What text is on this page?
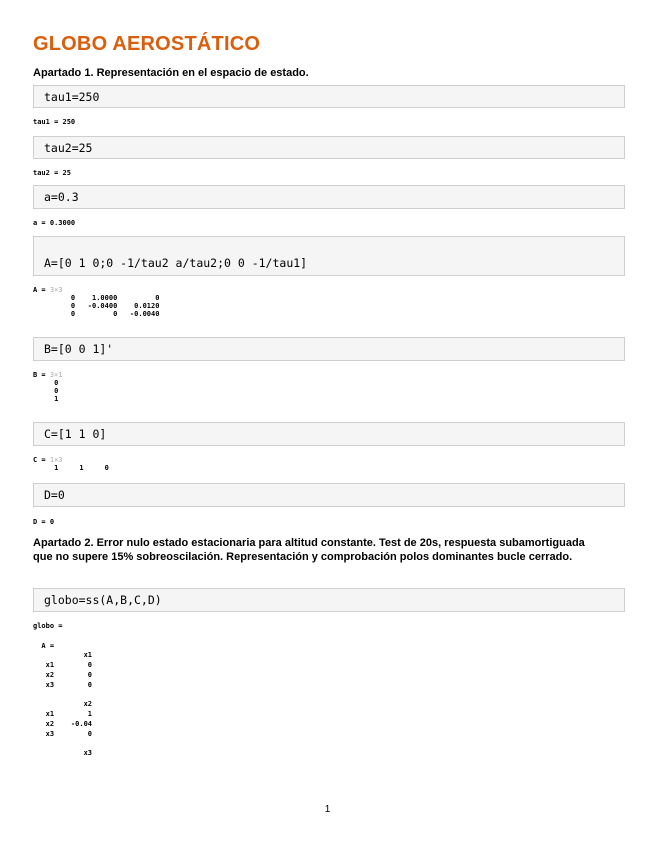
GLOBO AEROSTÁTICO
Apartado 1. Representación en el espacio de estado.
tau1=250
tau1 = 250
tau2=25
tau2 = 25
a=0.3
a = 0.3000
A=[0 1 0;0 -1/tau2 a/tau2;0 0 -1/tau1]
A = 3×3
0    1.0000         0
0   -0.0400    0.0120
0         0   -0.0040
B=[0 0 1]'
B = 3×1
0
0
1
C=[1 1 0]
C = 1×3
1     1     0
D=0
D = 0
Apartado 2. Error nulo estado estacionaria para altitud constante. Test de 20s, respuesta subamortiguada que no supere 15% sobreoscilación. Representación y comprobación polos dominantes bucle cerrado.
globo=ss(A,B,C,D)
globo =

A =
x1
x1        0
x2        0
x3        0

x2
x1        1
x2    -0.04
x3        0

x3
1
